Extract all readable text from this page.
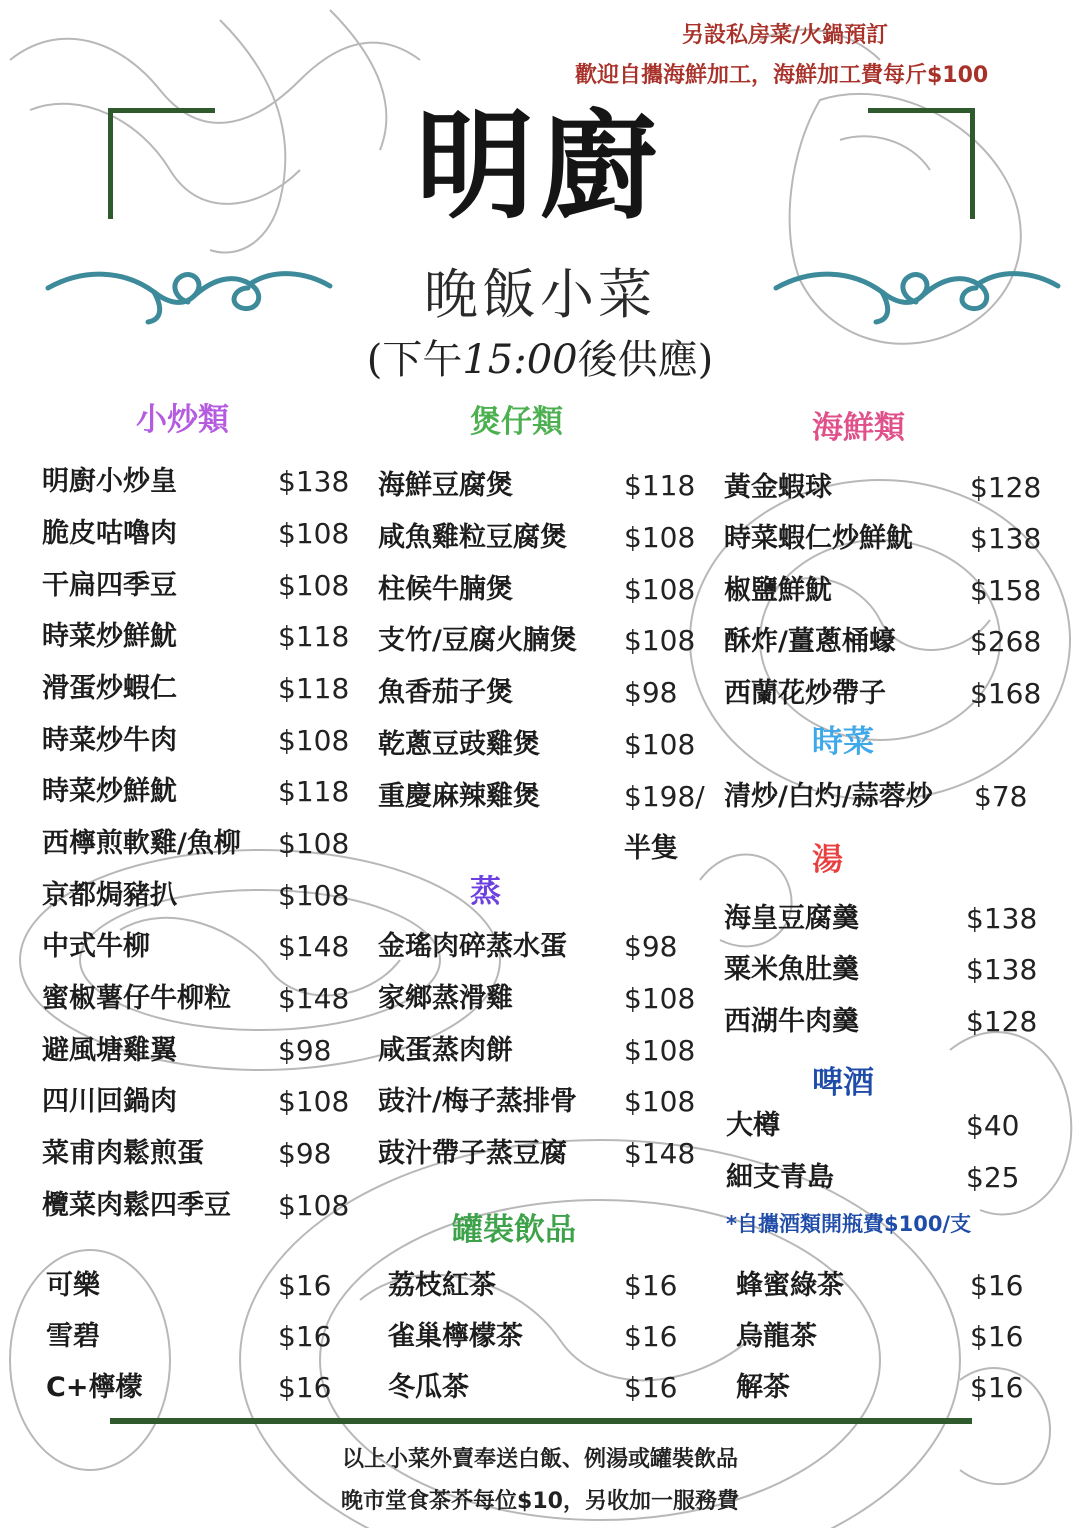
另設私房菜/火鍋預訂
歡迎自攜海鮮加工，海鮮加工費每斤$100
明廚
晚飯小菜
(下午15:00後供應)
小炒類	煲仔類	海鮮類
明廚小炒皇	$138
脆皮咕嚕肉	$108
干扁四季豆	$108
時菜炒鮮魷	$118
滑蛋炒蝦仁	$118
時菜炒牛肉	$108
時菜炒鮮魷	$118
西檸煎軟雞/魚柳 $108
京都焗豬扒	$108
中式牛柳	$148
蜜椒薯仔牛柳粒 $148
避風塘雞翼	$98
四川回鍋肉	$108
菜甫肉鬆煎蛋	$98
欖菜肉鬆四季豆 $108
海鮮豆腐煲	$118
咸魚雞粒豆腐煲 $108
柱候牛腩煲	$108
支竹/豆腐火腩煲 $108
魚香茄子煲	$98
乾蔥豆豉雞煲	$108
重慶麻辣雞煲	$198/
半隻
蒸
金瑤肉碎蒸水蛋 $98
家鄉蒸滑雞	$108
咸蛋蒸肉餅	$108
豉汁/梅子蒸排骨 $108
豉汁帶子蒸豆腐 $148
黃金蝦球	$128
時菜蝦仁炒鮮魷 $138
椒鹽鮮魷	$158
酥炸/薑蔥桶蠔	$268
西蘭花炒帶子	$168
時菜
清炒/白灼/蒜蓉炒 $78
湯
海皇豆腐羹	$138
粟米魚肚羹	$138
西湖牛肉羹	$128
啤酒
大樽	$40
細支青島	$25
*自攜酒類開瓶費$100/支
罐裝飲品
可樂	$16
雪碧	$16
C+檸檬	$16
荔枝紅茶	$16
雀巢檸檬茶	$16
冬瓜茶	$16
蜂蜜綠茶	$16
烏龍茶	$16
解茶	$16
以上小菜外賣奉送白飯、例湯或罐裝飲品
晚市堂食茶芥每位$10，另收加一服務費
